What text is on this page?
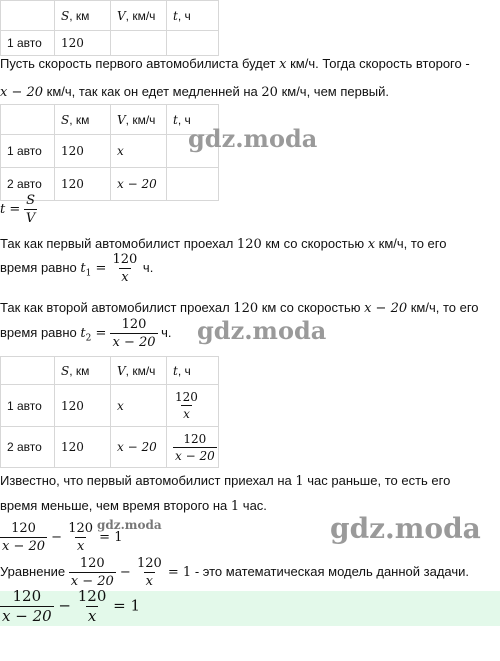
	S, км	V, км/ч	t, ч
1 авто	120		
Пусть скорость первого автомобилиста будет x км/ч. Тогда скорость второго -
x − 20 км/ч, так как он едет медленней на 20 км/ч, чем первый.
	S, км	V, км/ч	t, ч
1 авто	120	x	
2 авто	120	x − 20	
gdz.moda
$t = \frac{S}{V}$
Так как первый автомобилист проехал 120 км со скоростью x км/ч, то его
время равно $t_1 = \frac{120}{x} ч$.
Так как второй автомобилист проехал 120 км со скоростью x − 20 км/ч, то его
время равно $t_2 = \frac{120}{x - 20} ч$. gdz.moda
	S, км	V, км/ч	t, ч
1 авто	120	x	$\frac{120}{x}$

2 авто	120	x − 20	$\frac{120}{x - 20}$
Известно, что первый автомобилист приехал на 1 час раньше, то есть его
время меньше, чем время второго на 1 час.
$\frac{120}{x - 20} - \frac{120}{x} = 1$
gdz.moda	gdz.moda
Уравнение $\frac{120}{x - 20} - \frac{120}{x} = 1$ - это математическая модель данной задачи.
$\frac{120}{x - 20} - \frac{120}{x} = 1$
